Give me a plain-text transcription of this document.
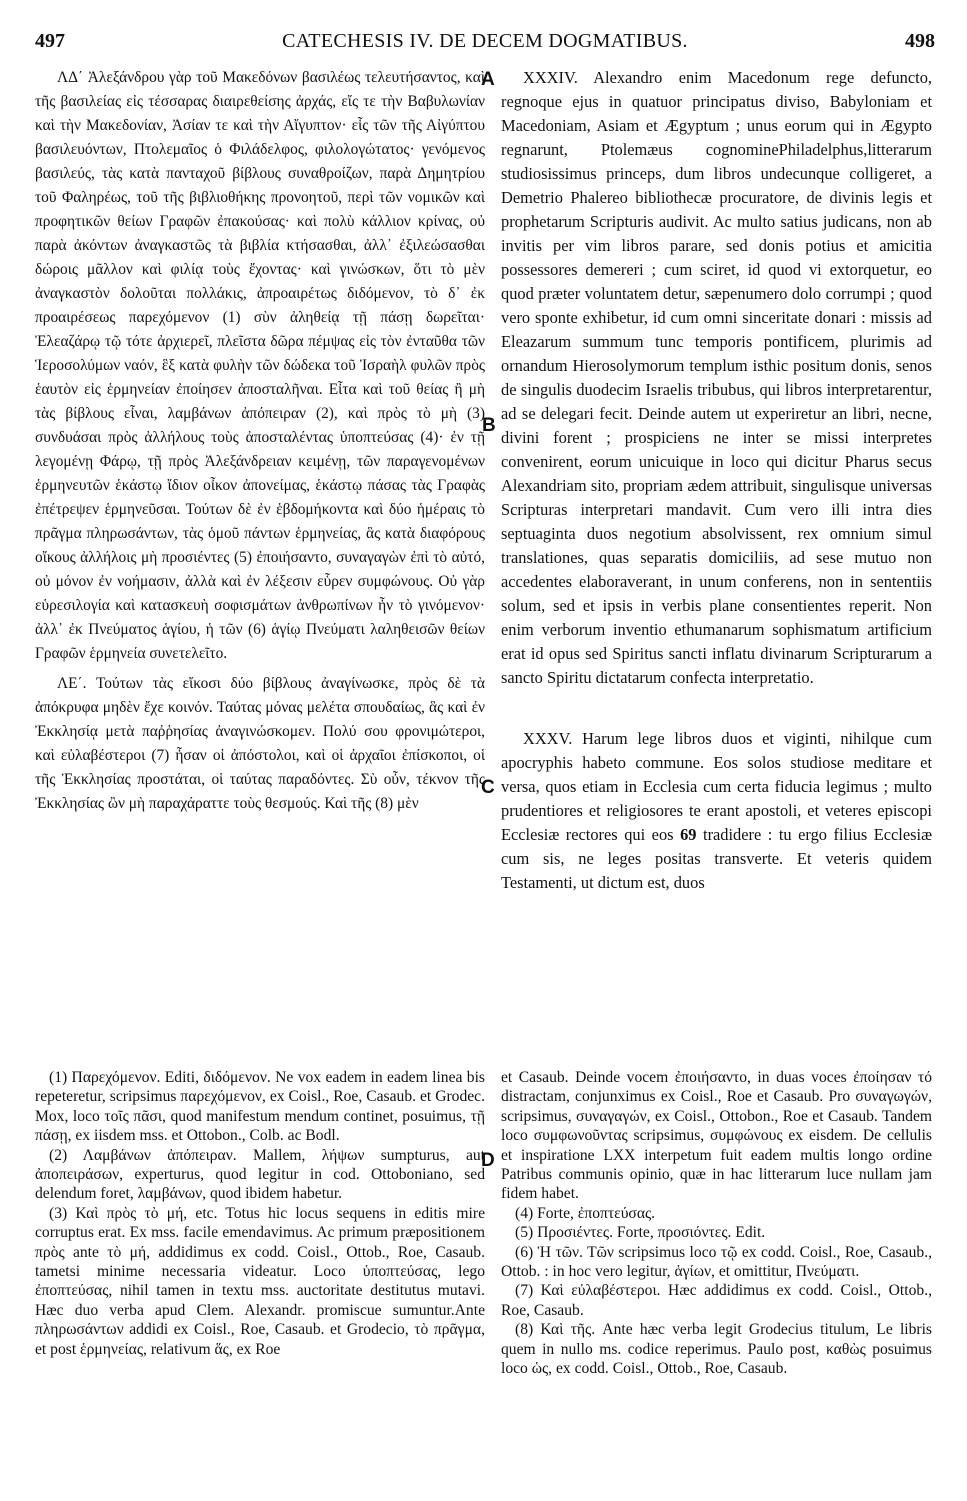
497	CATECHESIS IV. DE DECEM DOGMATIBUS.	498

ΛΔ΄ Ἀλεξάνδρου γὰρ τοῦ Μακεδόνων βασιλέως τελευτήσαντος, καὶ τῆς βασιλείας εἰς τέσσαρας διαιρεθείσης ἀρχάς, εἴς τε τὴν Βαβυλωνίαν καὶ τὴν Μακεδονίαν, Ἀσίαν τε καὶ τὴν Αἴγυπτον· εἷς τῶν τῆς Αἰγύπτου βασιλευόντων, Πτολεμαῖος ὁ Φιλάδελφος, φιλολογώτατος· γενόμενος βασιλεύς, τὰς κατὰ πανταχοῦ βίβλους συναθροίζων, παρὰ Δημητρίου τοῦ Φαληρέως, τοῦ τῆς βιβλιοθήκης προνοητοῦ, περὶ τῶν νομικῶν καὶ προφητικῶν θείων Γραφῶν ἐπακούσας· καὶ πολὺ κάλλιον κρίνας, οὐ παρὰ ἀκόντων ἀναγκαστῶς τὰ βιβλία κτήσασθαι, ἀλλ᾽ ἐξιλεώσασθαι δώροις μᾶλλον καὶ φιλίᾳ τοὺς ἔχοντας· καὶ γινώσκων, ὅτι τὸ μὲν ἀναγκαστὸν δολοῦται πολλάκις, ἀπροαιρέτως διδόμενον, τὸ δ᾽ ἐκ προαιρέσεως παρεχόμενον (1) σὺν ἀληθείᾳ τῇ πάσῃ δωρεῖται· Ἐλεαζάρῳ τῷ τότε ἀρχιερεῖ, πλεῖστα δῶρα πέμψας εἰς τὸν ἐνταῦθα τῶν Ἱεροσολύμων ναόν, ἓξ κατὰ φυλὴν τῶν δώδεκα τοῦ Ἰσραὴλ φυλῶν πρὸς ἑαυτὸν εἰς ἑρμηνείαν ἐποίησεν ἀποσταλῆναι. Εἶτα καὶ τοῦ θείας ἢ μὴ τὰς βίβλους εἶναι, λαμβάνων ἀπόπειραν (2), καὶ πρὸς τὸ μὴ (3) συνδυάσαι πρὸς ἀλλήλους τοὺς ἀποσταλέντας ὑποπτεύσας (4)· ἐν τῇ λεγομένῃ Φάρῳ, τῇ πρὸς Ἀλεξάνδρειαν κειμένῃ, τῶν παραγενομένων ἑρμηνευτῶν ἑκάστῳ ἴδιον οἶκον ἀπονείμας, ἑκάστῳ πάσας τὰς Γραφὰς ἐπέτρεψεν ἑρμηνεῦσαι. Τούτων δὲ ἐν ἑβδομήκοντα καὶ δύο ἡμέραις τὸ πρᾶγμα πληρωσάντων, τὰς ὁμοῦ πάντων ἑρμηνείας, ἃς κατὰ διαφόρους οἴκους ἀλλήλοις μὴ προσιέντες (5) ἐποιήσαντο, συναγαγὼν ἐπὶ τὸ αὐτό, οὐ μόνον ἐν νοήμασιν, ἀλλὰ καὶ ἐν λέξεσιν εὗρεν συμφώνους. Οὐ γὰρ εὑρεσιλογία καὶ κατασκευὴ σοφισμάτων ἀνθρωπίνων ἦν τὸ γινόμενον· ἀλλ᾽ ἐκ Πνεύματος ἁγίου, ἡ τῶν (6) ἁγίῳ Πνεύματι λαληθεισῶν θείων Γραφῶν ἑρμηνεία συνετελεῖτο.

ΛΕ΄. Τούτων τὰς εἴκοσι δύο βίβλους ἀναγίνωσκε, πρὸς δὲ τὰ ἀπόκρυφα μηδὲν ἔχε κοινόν. Ταύτας μόνας μελέτα σπουδαίως, ἃς καὶ ἐν Ἐκκλησίᾳ μετὰ παῤῥησίας ἀναγινώσκομεν. Πολύ σου φρονιμώτεροι, καὶ εὐλαβέστεροι (7) ἦσαν οἱ ἀπόστολοι, καὶ οἱ ἀρχαῖοι ἐπίσκοποι, οἱ τῆς Ἐκκλησίας προστάται, οἱ ταύτας παραδόντες. Σὺ οὖν, τέκνον τῆς Ἐκκλησίας ὢν μὴ παραχάραττε τοὺς θεσμούς. Καὶ τῆς (8) μὲν

A
B
C
D

XXXIV. Alexandro enim Macedonum rege defuncto, regnoque ejus in quatuor principatus diviso, Babyloniam et Macedoniam, Asiam et Ægyptum ; unus eorum qui in Ægypto regnarunt, Ptolemæus cognominePhiladelphus,litterarum studiosissimus princeps, dum libros undecunque colligeret, a Demetrio Phalereo bibliothecæ procuratore, de divinis legis et prophetarum Scripturis audivit. Ac multo satius judicans, non ab invitis per vim libros parare, sed donis potius et amicitia possessores demereri ; cum sciret, id quod vi extorquetur, eo quod præter voluntatem detur, sæpenumero dolo corrumpi ; quod vero sponte exhibetur, id cum omni sinceritate donari : missis ad Eleazarum summum tunc temporis pontificem, plurimis ad ornandum Hierosolymorum templum isthic positum donis, senos de singulis duodecim Israelis tribubus, qui libros interpretarentur, ad se delegari fecit. Deinde autem ut experiretur an libri, necne, divini forent ; prospiciens ne inter se missi interpretes convenirent, eorum unicuique in loco qui dicitur Pharus secus Alexandriam sito, propriam ædem attribuit, singulisque universas Scripturas interpretari mandavit. Cum vero illi intra dies septuaginta duos negotium absolvissent, rex omnium simul translationes, quas separatis domiciliis, ad sese mutuo non accedentes elaboraverant, in unum conferens, non in sententiis solum, sed et ipsis in verbis plane consentientes reperit. Non enim verborum inventio ethumanarum sophismatum artificium erat id opus sed Spiritus sancti inflatu divinarum Scripturarum a sancto Spiritu dictatarum confecta interpretatio.

XXXV. Harum lege libros duos et viginti, nihilque cum apocryphis habeto commune. Eos solos studiose meditare et versa, quos etiam in Ecclesia cum certa fiducia legimus ; multo prudentiores et religiosores te erant apostoli, et veteres episcopi Ecclesiæ rectores qui eos 69 tradidere : tu ergo filius Ecclesiæ cum sis, ne leges positas transverte. Et veteris quidem Testamenti, ut dictum est, duos

(1) Παρεχόμενον. Editi, διδόμενον. Ne vox eadem in eadem linea bis repeteretur, scripsimus παρεχόμενον, ex Coisl., Roe, Casaub. et Grodec. Mox, loco τοῖς πᾶσι, quod manifestum mendum continet, posuimus, τῇ πάσῃ, ex iisdem mss. et Ottobon., Colb. ac Bodl.

(2) Λαμβάνων ἀπόπειραν. Mallem, λήψων sumpturus, aut ἀποπειράσων, experturus, quod legitur in cod. Ottoboniano, sed delendum foret, λαμβάνων, quod ibidem habetur.

(3) Καὶ πρὸς τὸ μή, etc. Totus hic locus sequens in editis mire corruptus erat. Ex mss. facile emendavimus. Ac primum præpositionem πρὸς ante τὸ μή, addidimus ex codd. Coisl., Ottob., Roe, Casaub. tametsi minime necessaria videatur. Loco ὑποπτεύσας, lego ἐποπτεύσας, nihil tamen in textu mss. auctoritate destitutus mutavi. Hæc duo verba apud Clem. Alexandr. promiscue sumuntur.Ante πληρωσάντων addidi ex Coisl., Roe, Casaub. et Grodecio, τὸ πρᾶγμα, et post ἑρμηνείας, relativum ἅς, ex Roe

et Casaub. Deinde vocem ἐποιήσαντο, in duas voces ἐποίησαν τό distractam, conjunximus ex Coisl., Roe et Casaub. Pro συναγωγών, scripsimus, συναγαγών, ex Coisl., Ottobon., Roe et Casaub. Tandem loco συμφωνοῦντας scripsimus, συμφώνους ex eisdem. De cellulis et inspiratione LXX interpetum fuit eadem multis longo ordine Patribus communis opinio, quæ in hac litterarum luce nullam jam fidem habet.

(4) Forte, ἐποπτεύσας.

(5) Προσιέντες. Forte, προσιόντες. Edit.

(6) Ἡ τῶν. Τῶν scripsimus loco τῷ ex codd. Coisl., Roe, Casaub., Ottob. : in hoc vero legitur, ἁγίων, et omittitur, Πνεύματι.

(7) Καὶ εὐλαβέστεροι. Hæc addidimus ex codd. Coisl., Ottob., Roe, Casaub.

(8) Καὶ τῆς. Ante hæc verba legit Grodecius titulum, Le libris quem in nullo ms. codice reperimus. Paulo post, καθὼς posuimus loco ὡς, ex codd. Coisl., Ottob., Roe, Casaub.
